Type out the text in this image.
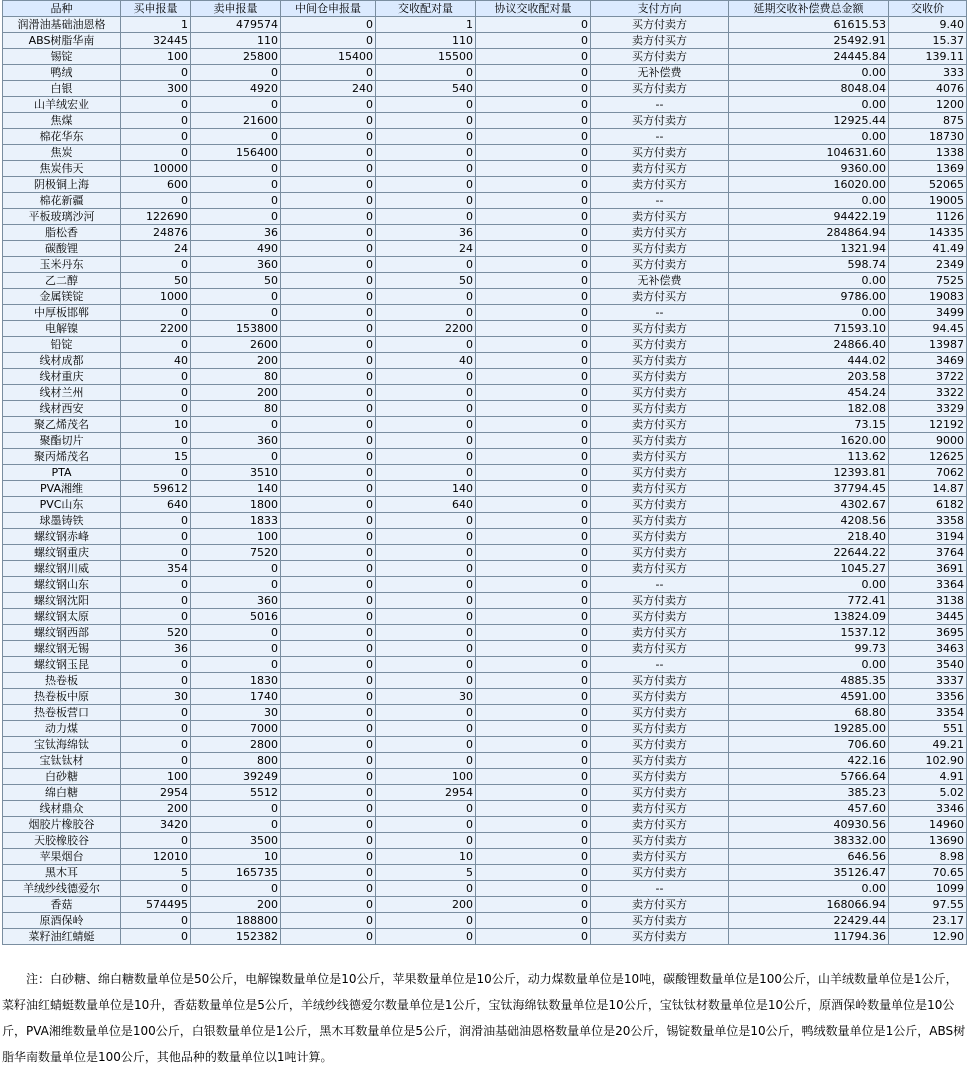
品种	买申报量	卖申报量	中间仓申报量	交收配对量	协议交收配对量	支付方向	延期交收补偿费总金额	交收价
润滑油基础油恩格	1	479574	0	1	0	买方付卖方	61615.53	9.40
ABS树脂华南	32445	110	0	110	0	卖方付买方	25492.91	15.37
锡锭	100	25800	15400	15500	0	买方付卖方	24445.84	139.11
鸭绒	0	0	0	0	0	无补偿费	0.00	333
白银	300	4920	240	540	0	买方付卖方	8048.04	4076
山羊绒宏业	0	0	0	0	0	--	0.00	1200
焦煤	0	21600	0	0	0	买方付卖方	12925.44	875
棉花华东	0	0	0	0	0	--	0.00	18730
焦炭	0	156400	0	0	0	买方付卖方	104631.60	1338
焦炭伟天	10000	0	0	0	0	卖方付买方	9360.00	1369
阴极铜上海	600	0	0	0	0	卖方付买方	16020.00	52065
棉花新疆	0	0	0	0	0	--	0.00	19005
平板玻璃沙河	122690	0	0	0	0	卖方付买方	94422.19	1126
脂松香	24876	36	0	36	0	卖方付买方	284864.94	14335
碳酸锂	24	490	0	24	0	买方付卖方	1321.94	41.49
玉米丹东	0	360	0	0	0	买方付卖方	598.74	2349
乙二醇	50	50	0	50	0	无补偿费	0.00	7525
金属镁锭	1000	0	0	0	0	卖方付买方	9786.00	19083
中厚板邯郸	0	0	0	0	0	--	0.00	3499
电解镍	2200	153800	0	2200	0	买方付卖方	71593.10	94.45
铅锭	0	2600	0	0	0	买方付卖方	24866.40	13987
线材成都	40	200	0	40	0	买方付卖方	444.02	3469
线材重庆	0	80	0	0	0	买方付卖方	203.58	3722
线材兰州	0	200	0	0	0	买方付卖方	454.24	3322
线材西安	0	80	0	0	0	买方付卖方	182.08	3329
聚乙烯茂名	10	0	0	0	0	卖方付买方	73.15	12192
聚酯切片	0	360	0	0	0	买方付卖方	1620.00	9000
聚丙烯茂名	15	0	0	0	0	卖方付买方	113.62	12625
PTA	0	3510	0	0	0	买方付卖方	12393.81	7062
PVA湘维	59612	140	0	140	0	卖方付买方	37794.45	14.87
PVC山东	640	1800	0	640	0	买方付卖方	4302.67	6182
球墨铸铁	0	1833	0	0	0	买方付卖方	4208.56	3358
螺纹钢赤峰	0	100	0	0	0	买方付卖方	218.40	3194
螺纹钢重庆	0	7520	0	0	0	买方付卖方	22644.22	3764
螺纹钢川威	354	0	0	0	0	卖方付买方	1045.27	3691
螺纹钢山东	0	0	0	0	0	--	0.00	3364
螺纹钢沈阳	0	360	0	0	0	买方付卖方	772.41	3138
螺纹钢太原	0	5016	0	0	0	买方付卖方	13824.09	3445
螺纹钢西部	520	0	0	0	0	卖方付买方	1537.12	3695
螺纹钢无锡	36	0	0	0	0	卖方付买方	99.73	3463
螺纹钢玉昆	0	0	0	0	0	--	0.00	3540
热卷板	0	1830	0	0	0	买方付卖方	4885.35	3337
热卷板中原	30	1740	0	30	0	买方付卖方	4591.00	3356
热卷板营口	0	30	0	0	0	买方付卖方	68.80	3354
动力煤	0	7000	0	0	0	买方付卖方	19285.00	551
宝钛海绵钛	0	2800	0	0	0	买方付卖方	706.60	49.21
宝钛钛材	0	800	0	0	0	买方付卖方	422.16	102.90
白砂糖	100	39249	0	100	0	买方付卖方	5766.64	4.91
绵白糖	2954	5512	0	2954	0	买方付卖方	385.23	5.02
线材鼎众	200	0	0	0	0	卖方付买方	457.60	3346
烟胶片橡胶谷	3420	0	0	0	0	卖方付买方	40930.56	14960
天胶橡胶谷	0	3500	0	0	0	买方付卖方	38332.00	13690
苹果烟台	12010	10	0	10	0	卖方付买方	646.56	8.98
黑木耳	5	165735	0	5	0	买方付卖方	35126.47	70.65
羊绒纱线德爱尔	0	0	0	0	0	--	0.00	1099
香菇	574495	200	0	200	0	卖方付买方	168066.94	97.55
原酒保岭	0	188800	0	0	0	买方付卖方	22429.44	23.17
菜籽油红蜻蜓	0	152382	0	0	0	买方付卖方	11794.36	12.90
注：白砂糖、绵白糖数量单位是50公斤，电解镍数量单位是10公斤，苹果数量单位是10公斤，动力煤数量单位是10吨，碳酸锂数量单位是100公斤，山羊绒数量单位是1公斤，菜籽油红蜻蜓数量单位是10升，香菇数量单位是5公斤，羊绒纱线德爱尔数量单位是1公斤，宝钛海绵钛数量单位是10公斤，宝钛钛材数量单位是10公斤，原酒保岭数量单位是10公斤，PVA湘维数量单位是100公斤，白银数量单位是1公斤，黑木耳数量单位是5公斤，润滑油基础油恩格数量单位是20公斤，锡锭数量单位是10公斤，鸭绒数量单位是1公斤，ABS树脂华南数量单位是100公斤，其他品种的数量单位以1吨计算。
